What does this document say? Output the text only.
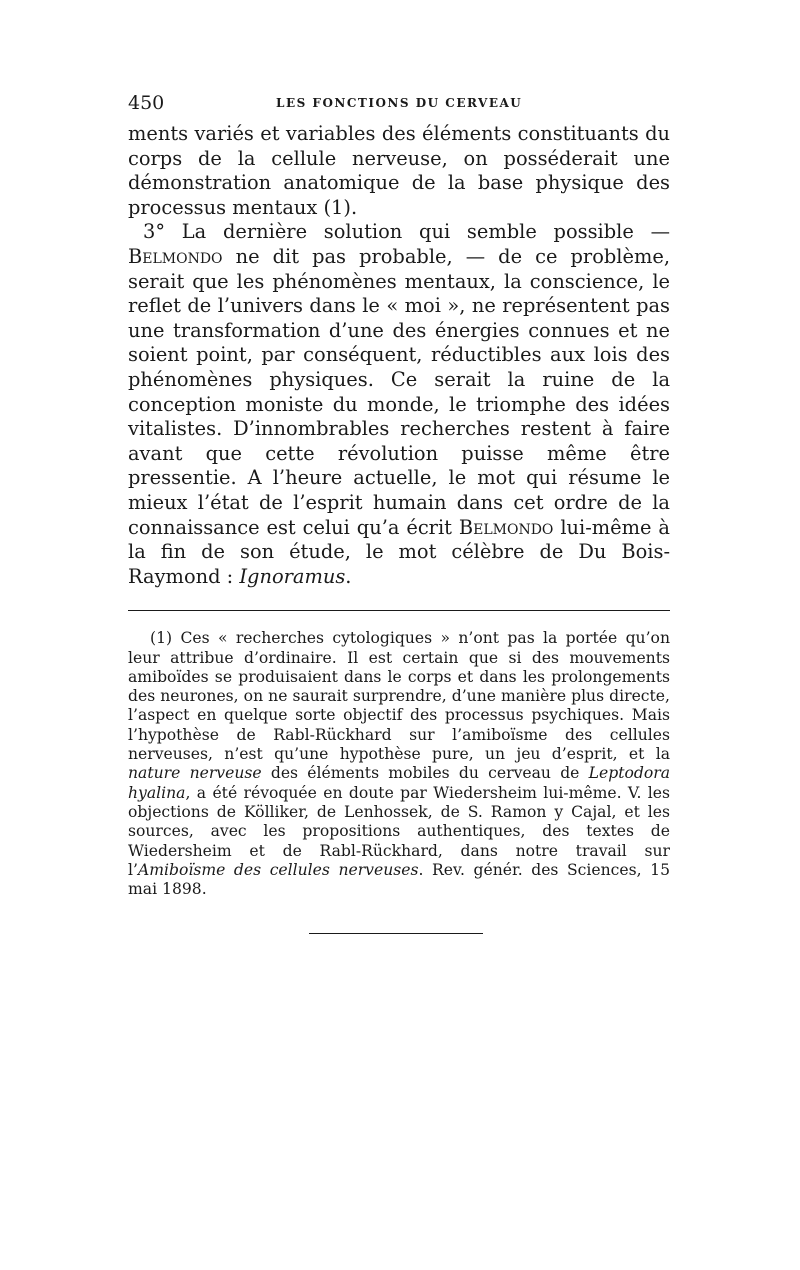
450	LES FONCTIONS DU CERVEAU

ments variés et variables des éléments constituants du corps de la cellule nerveuse, on posséderait une démonstration anatomique de la base physique des processus mentaux (1).

3° La dernière solution qui semble possible — Belmondo ne dit pas probable, — de ce problème, serait que les phénomènes mentaux, la conscience, le reflet de l’univers dans le « moi », ne représentent pas une transformation d’une des énergies connues et ne soient point, par conséquent, réductibles aux lois des phénomènes physiques. Ce serait la ruine de la conception moniste du monde, le triomphe des idées vitalistes. D’innombrables recherches restent à faire avant que cette révolution puisse même être pressentie. A l’heure actuelle, le mot qui résume le mieux l’état de l’esprit humain dans cet ordre de la connaissance est celui qu’a écrit Belmondo lui-même à la fin de son étude, le mot célèbre de Du Bois-Raymond : Ignoramus.

(1) Ces « recherches cytologiques » n’ont pas la portée qu’on leur attribue d’ordinaire. Il est certain que si des mouvements amiboïdes se produisaient dans le corps et dans les prolongements des neurones, on ne saurait surprendre, d’une manière plus directe, l’aspect en quelque sorte objectif des processus psychiques. Mais l’hypothèse de Rabl-Rückhard sur l’amiboïsme des cellules nerveuses, n’est qu’une hypothèse pure, un jeu d’esprit, et la nature nerveuse des éléments mobiles du cerveau de Leptodora hyalina, a été révoquée en doute par Wiedersheim lui-même. V. les objections de Kölliker, de Lenhossek, de S. Ramon y Cajal, et les sources, avec les propositions authentiques, des textes de Wiedersheim et de Rabl-Rückhard, dans notre travail sur l’Amiboïsme des cellules nerveuses. Rev. génér. des Sciences, 15 mai 1898.
